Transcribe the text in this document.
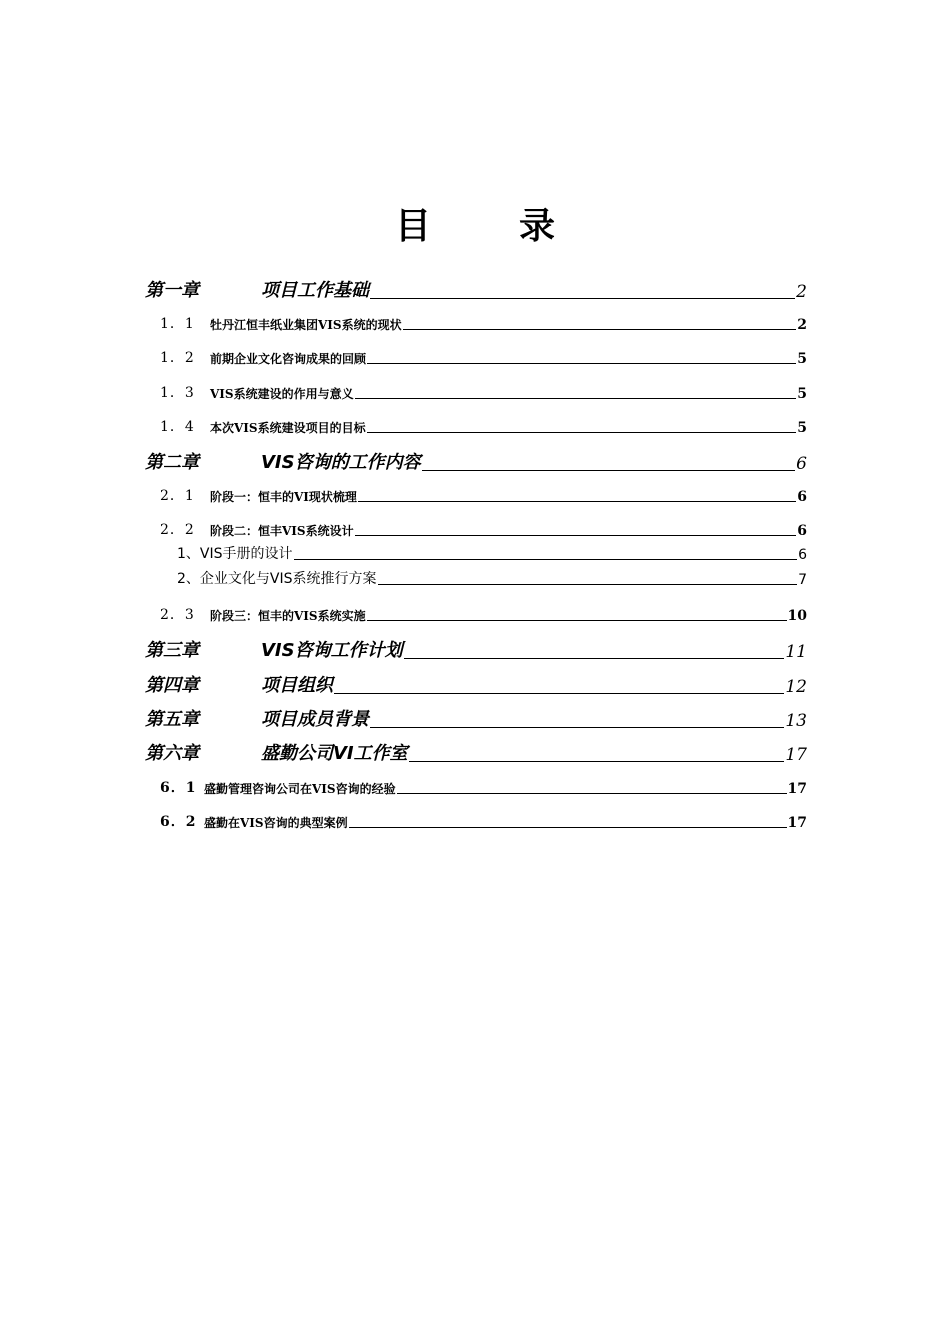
目 录
第一章	项目工作基础	2
1．1	牡丹江恒丰纸业集团VIS系统的现状	2
1．2	前期企业文化咨询成果的回顾	5
1．3	VIS系统建设的作用与意义	5
1．4	本次VIS系统建设项目的目标	5
第二章	VIS咨询的工作内容	6
2．1	阶段一：恒丰的VI现状梳理	6
2．2	阶段二：恒丰VIS系统设计	6
1、VIS手册的设计	6
2、企业文化与VIS系统推行方案	7
2．3	阶段三：恒丰的VIS系统实施	10
第三章	VIS咨询工作计划	11
第四章	项目组织	12
第五章	项目成员背景	13
第六章	盛勤公司VI工作室	17
6．1 盛勤管理咨询公司在VIS咨询的经验	17
6．2 盛勤在VIS咨询的典型案例	17
